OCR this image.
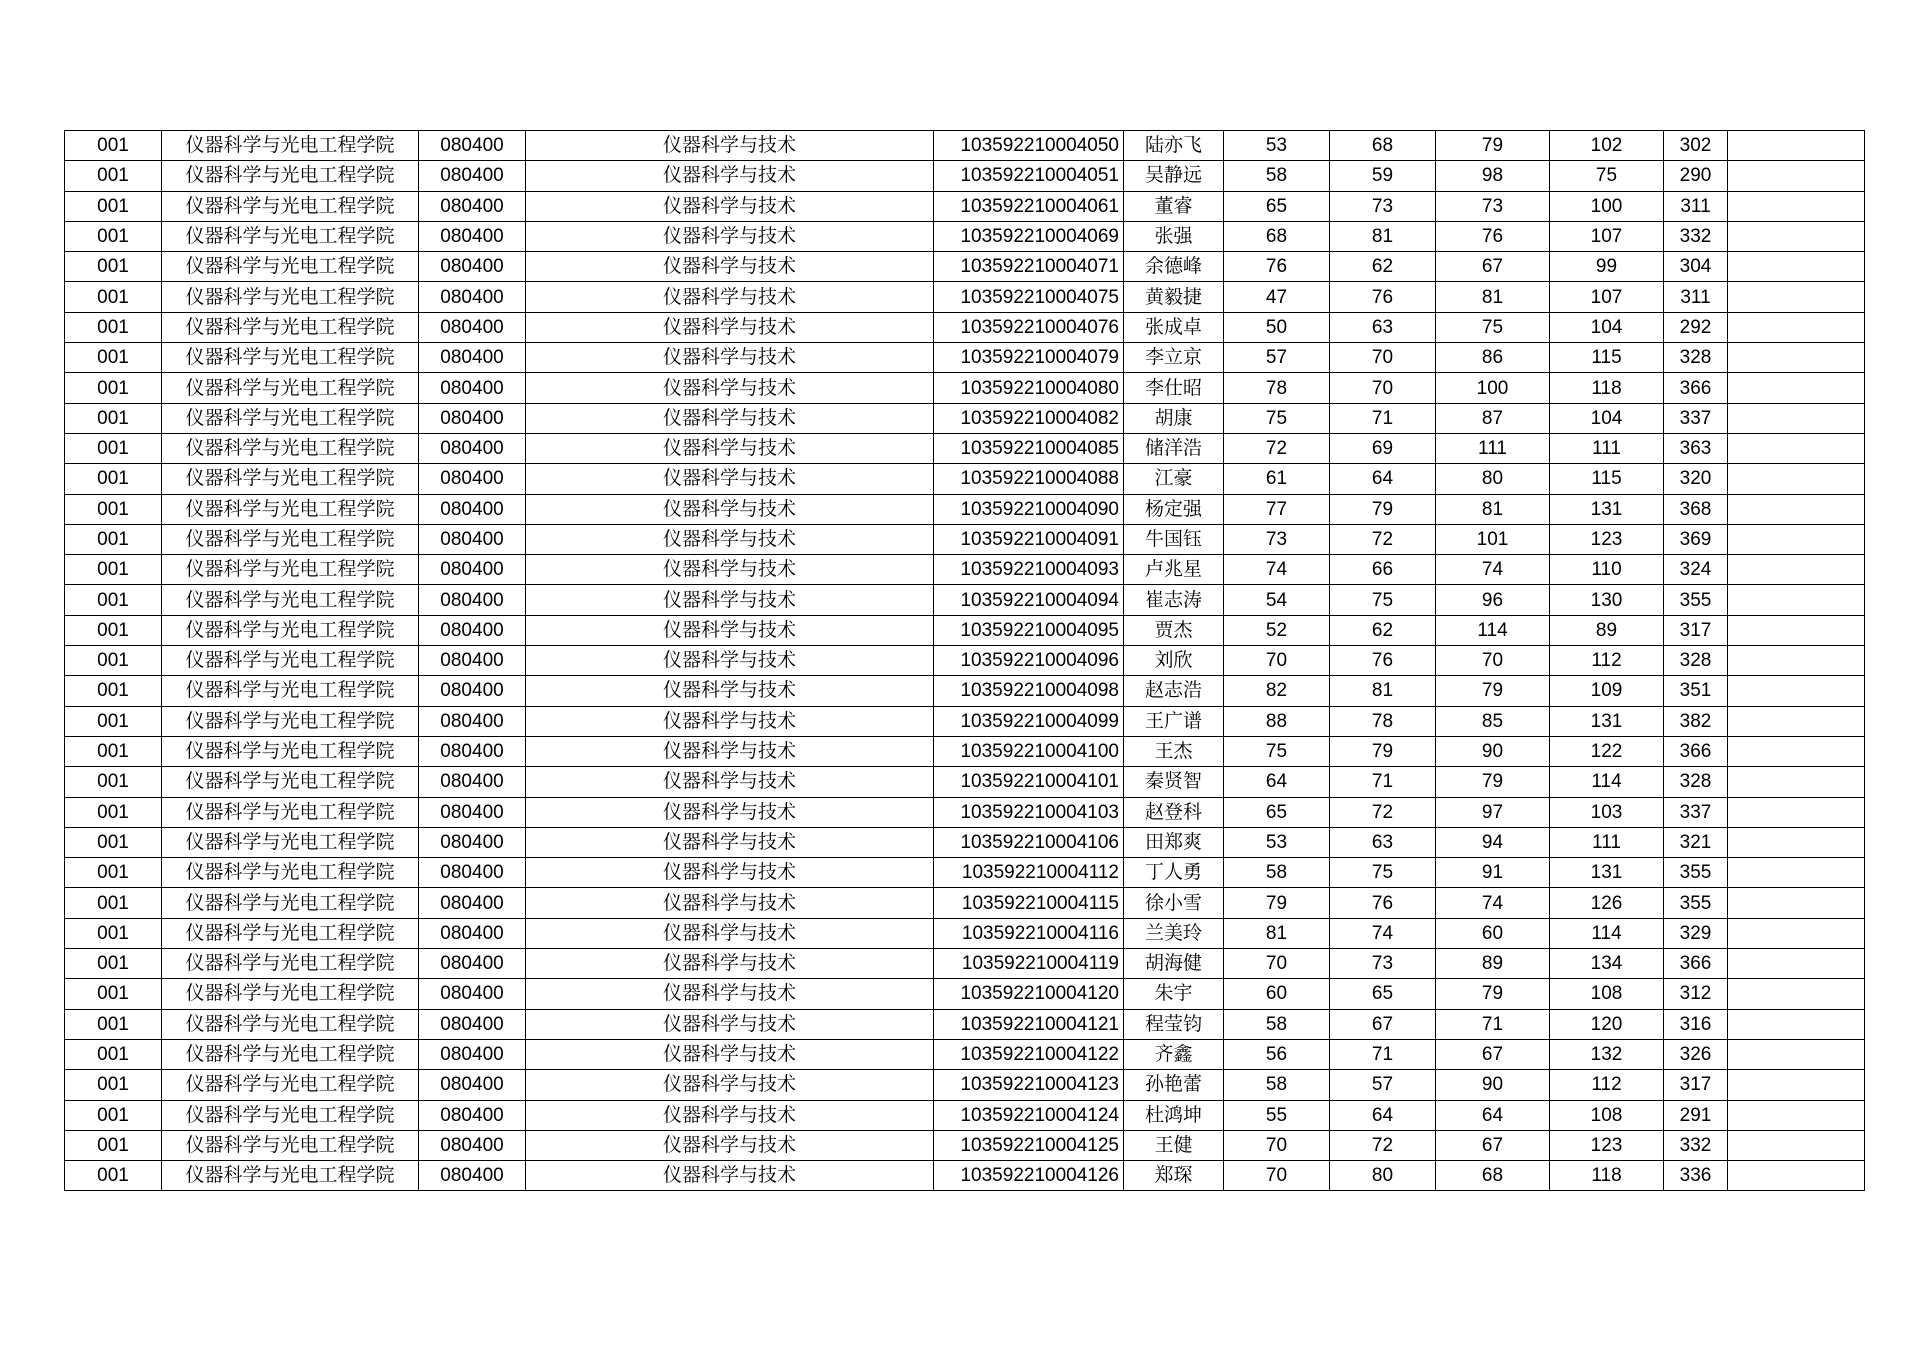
001	仪器科学与光电工程学院	080400	仪器科学与技术	103592210004050	陆亦飞	53	68	79	102	302	
001	仪器科学与光电工程学院	080400	仪器科学与技术	103592210004051	吴静远	58	59	98	75	290	
001	仪器科学与光电工程学院	080400	仪器科学与技术	103592210004061	董睿	65	73	73	100	311	
001	仪器科学与光电工程学院	080400	仪器科学与技术	103592210004069	张强	68	81	76	107	332	
001	仪器科学与光电工程学院	080400	仪器科学与技术	103592210004071	余德峰	76	62	67	99	304	
001	仪器科学与光电工程学院	080400	仪器科学与技术	103592210004075	黄毅捷	47	76	81	107	311	
001	仪器科学与光电工程学院	080400	仪器科学与技术	103592210004076	张成卓	50	63	75	104	292	
001	仪器科学与光电工程学院	080400	仪器科学与技术	103592210004079	李立京	57	70	86	115	328	
001	仪器科学与光电工程学院	080400	仪器科学与技术	103592210004080	李仕昭	78	70	100	118	366	
001	仪器科学与光电工程学院	080400	仪器科学与技术	103592210004082	胡康	75	71	87	104	337	
001	仪器科学与光电工程学院	080400	仪器科学与技术	103592210004085	储洋浩	72	69	111	111	363	
001	仪器科学与光电工程学院	080400	仪器科学与技术	103592210004088	江豪	61	64	80	115	320	
001	仪器科学与光电工程学院	080400	仪器科学与技术	103592210004090	杨定强	77	79	81	131	368	
001	仪器科学与光电工程学院	080400	仪器科学与技术	103592210004091	牛国钰	73	72	101	123	369	
001	仪器科学与光电工程学院	080400	仪器科学与技术	103592210004093	卢兆星	74	66	74	110	324	
001	仪器科学与光电工程学院	080400	仪器科学与技术	103592210004094	崔志涛	54	75	96	130	355	
001	仪器科学与光电工程学院	080400	仪器科学与技术	103592210004095	贾杰	52	62	114	89	317	
001	仪器科学与光电工程学院	080400	仪器科学与技术	103592210004096	刘欣	70	76	70	112	328	
001	仪器科学与光电工程学院	080400	仪器科学与技术	103592210004098	赵志浩	82	81	79	109	351	
001	仪器科学与光电工程学院	080400	仪器科学与技术	103592210004099	王广谱	88	78	85	131	382	
001	仪器科学与光电工程学院	080400	仪器科学与技术	103592210004100	王杰	75	79	90	122	366	
001	仪器科学与光电工程学院	080400	仪器科学与技术	103592210004101	秦贤智	64	71	79	114	328	
001	仪器科学与光电工程学院	080400	仪器科学与技术	103592210004103	赵登科	65	72	97	103	337	
001	仪器科学与光电工程学院	080400	仪器科学与技术	103592210004106	田郑爽	53	63	94	111	321	
001	仪器科学与光电工程学院	080400	仪器科学与技术	103592210004112	丁人勇	58	75	91	131	355	
001	仪器科学与光电工程学院	080400	仪器科学与技术	103592210004115	徐小雪	79	76	74	126	355	
001	仪器科学与光电工程学院	080400	仪器科学与技术	103592210004116	兰美玲	81	74	60	114	329	
001	仪器科学与光电工程学院	080400	仪器科学与技术	103592210004119	胡海健	70	73	89	134	366	
001	仪器科学与光电工程学院	080400	仪器科学与技术	103592210004120	朱宇	60	65	79	108	312	
001	仪器科学与光电工程学院	080400	仪器科学与技术	103592210004121	程莹钧	58	67	71	120	316	
001	仪器科学与光电工程学院	080400	仪器科学与技术	103592210004122	齐鑫	56	71	67	132	326	
001	仪器科学与光电工程学院	080400	仪器科学与技术	103592210004123	孙艳蕾	58	57	90	112	317	
001	仪器科学与光电工程学院	080400	仪器科学与技术	103592210004124	杜鸿坤	55	64	64	108	291	
001	仪器科学与光电工程学院	080400	仪器科学与技术	103592210004125	王健	70	72	67	123	332	
001	仪器科学与光电工程学院	080400	仪器科学与技术	103592210004126	郑琛	70	80	68	118	336	
